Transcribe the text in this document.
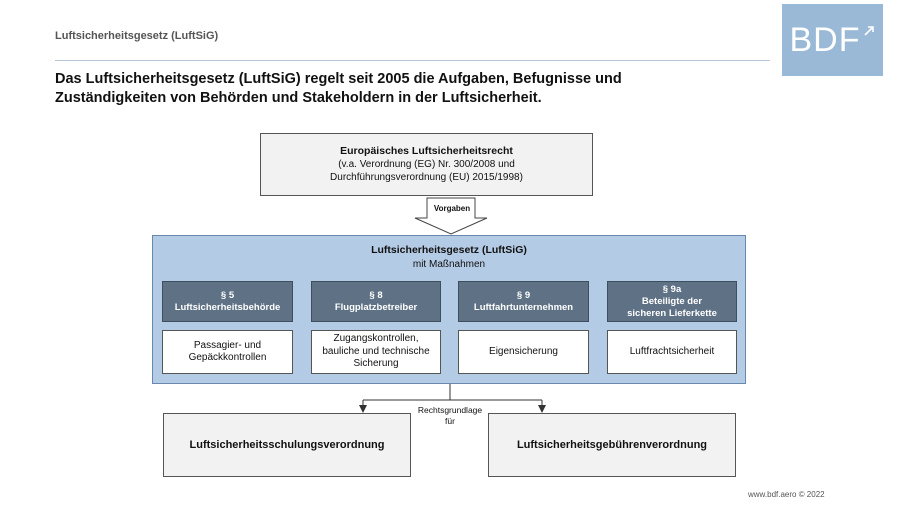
Luftsicherheitsgesetz (LuftSiG)	BDF
Das Luftsicherheitsgesetz (LuftSiG) regelt seit 2005 die Aufgaben, Befugnisse und
Zuständigkeiten von Behörden und Stakeholdern in der Luftsicherheit.
Europäisches Luftsicherheitsrecht
(v.a. Verordnung (EG) Nr. 300/2008 und
Durchführungsverordnung (EU) 2015/1998)
Vorgaben
Luftsicherheitsgesetz (LuftSiG)
mit Maßnahmen
§ 5
Luftsicherheitsbehörde
Passagier- und
Gepäckkontrollen
§ 8
Flugplatzbetreiber
Zugangskontrollen,
bauliche und technische
Sicherung
§ 9
Luftfahrtunternehmen
Eigensicherung
§ 9a
Beteiligte der
sicheren Lieferkette
Luftfrachtsicherheit
Rechtsgrundlage
für
Luftsicherheitsschulungsverordnung	Luftsicherheitsgebührenverordnung
www.bdf.aero © 2022
